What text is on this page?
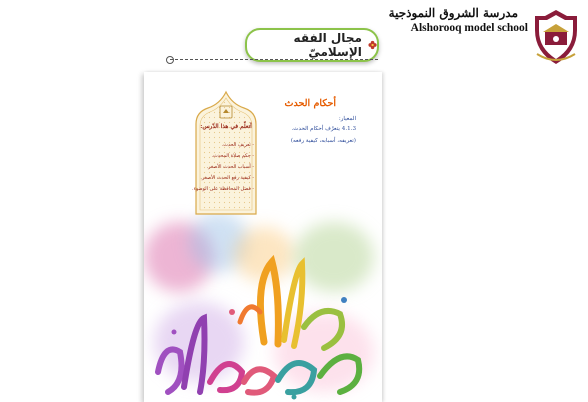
مدرسة الشروق النموذجية
Alshorooq model school
مجال الفقه الإسلاميّ
أحكام الحدث
المعيار:
4.1.3 يتعرّف أحكام الحدث.
(تعريفه، أسبابه، كيفية رفعه)
أتعلّم في هذا الدّرس:
- تعريف الحدث.
- حكم صلاة المحدث.
- أسباب الحدث الأصغر.
- كيفية رفع الحدث الأصغر.
- فضل المحافظة على الوضوء.
